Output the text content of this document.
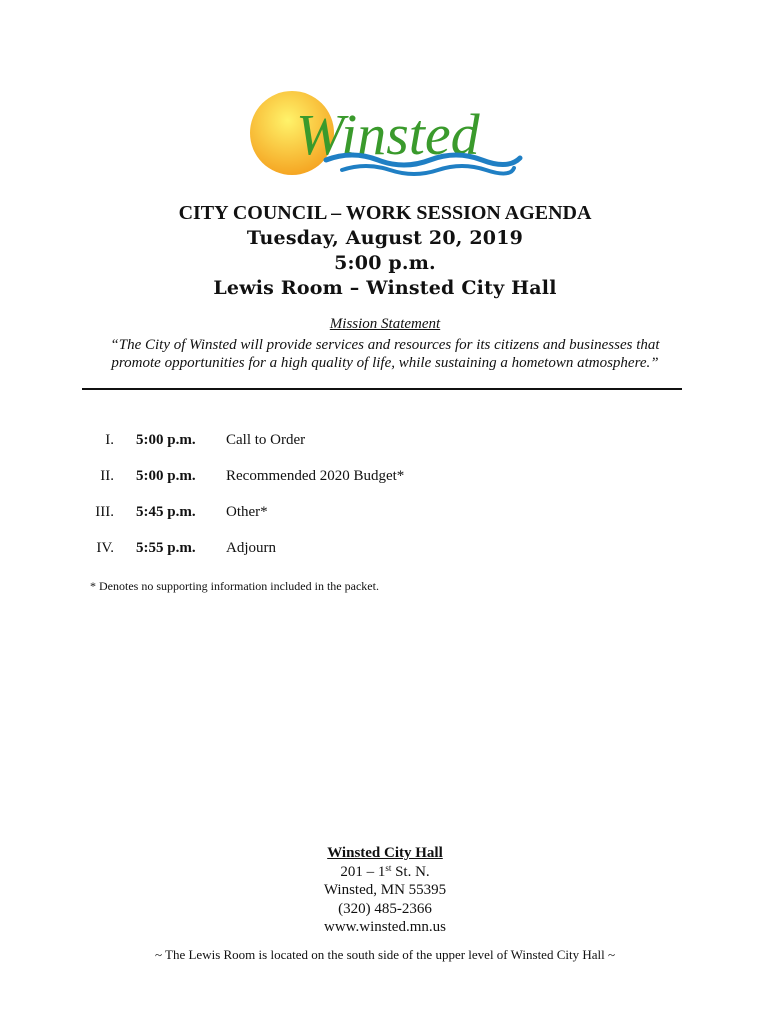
Winsted
CITY COUNCIL – WORK SESSION AGENDA
Tuesday, August 20, 2019
5:00 p.m.
Lewis Room – Winsted City Hall
Mission Statement
“The City of Winsted will provide services and resources for its citizens and businesses that
promote opportunities for a high quality of life, while sustaining a hometown atmosphere.”
I. 5:00 p.m. Call to Order
II. 5:00 p.m. Recommended 2020 Budget*
III. 5:45 p.m. Other*
IV. 5:55 p.m. Adjourn
* Denotes no supporting information included in the packet.
Winsted City Hall
201 – 1st St. N.
Winsted, MN 55395
(320) 485-2366
www.winsted.mn.us
~ The Lewis Room is located on the south side of the upper level of Winsted City Hall ~
